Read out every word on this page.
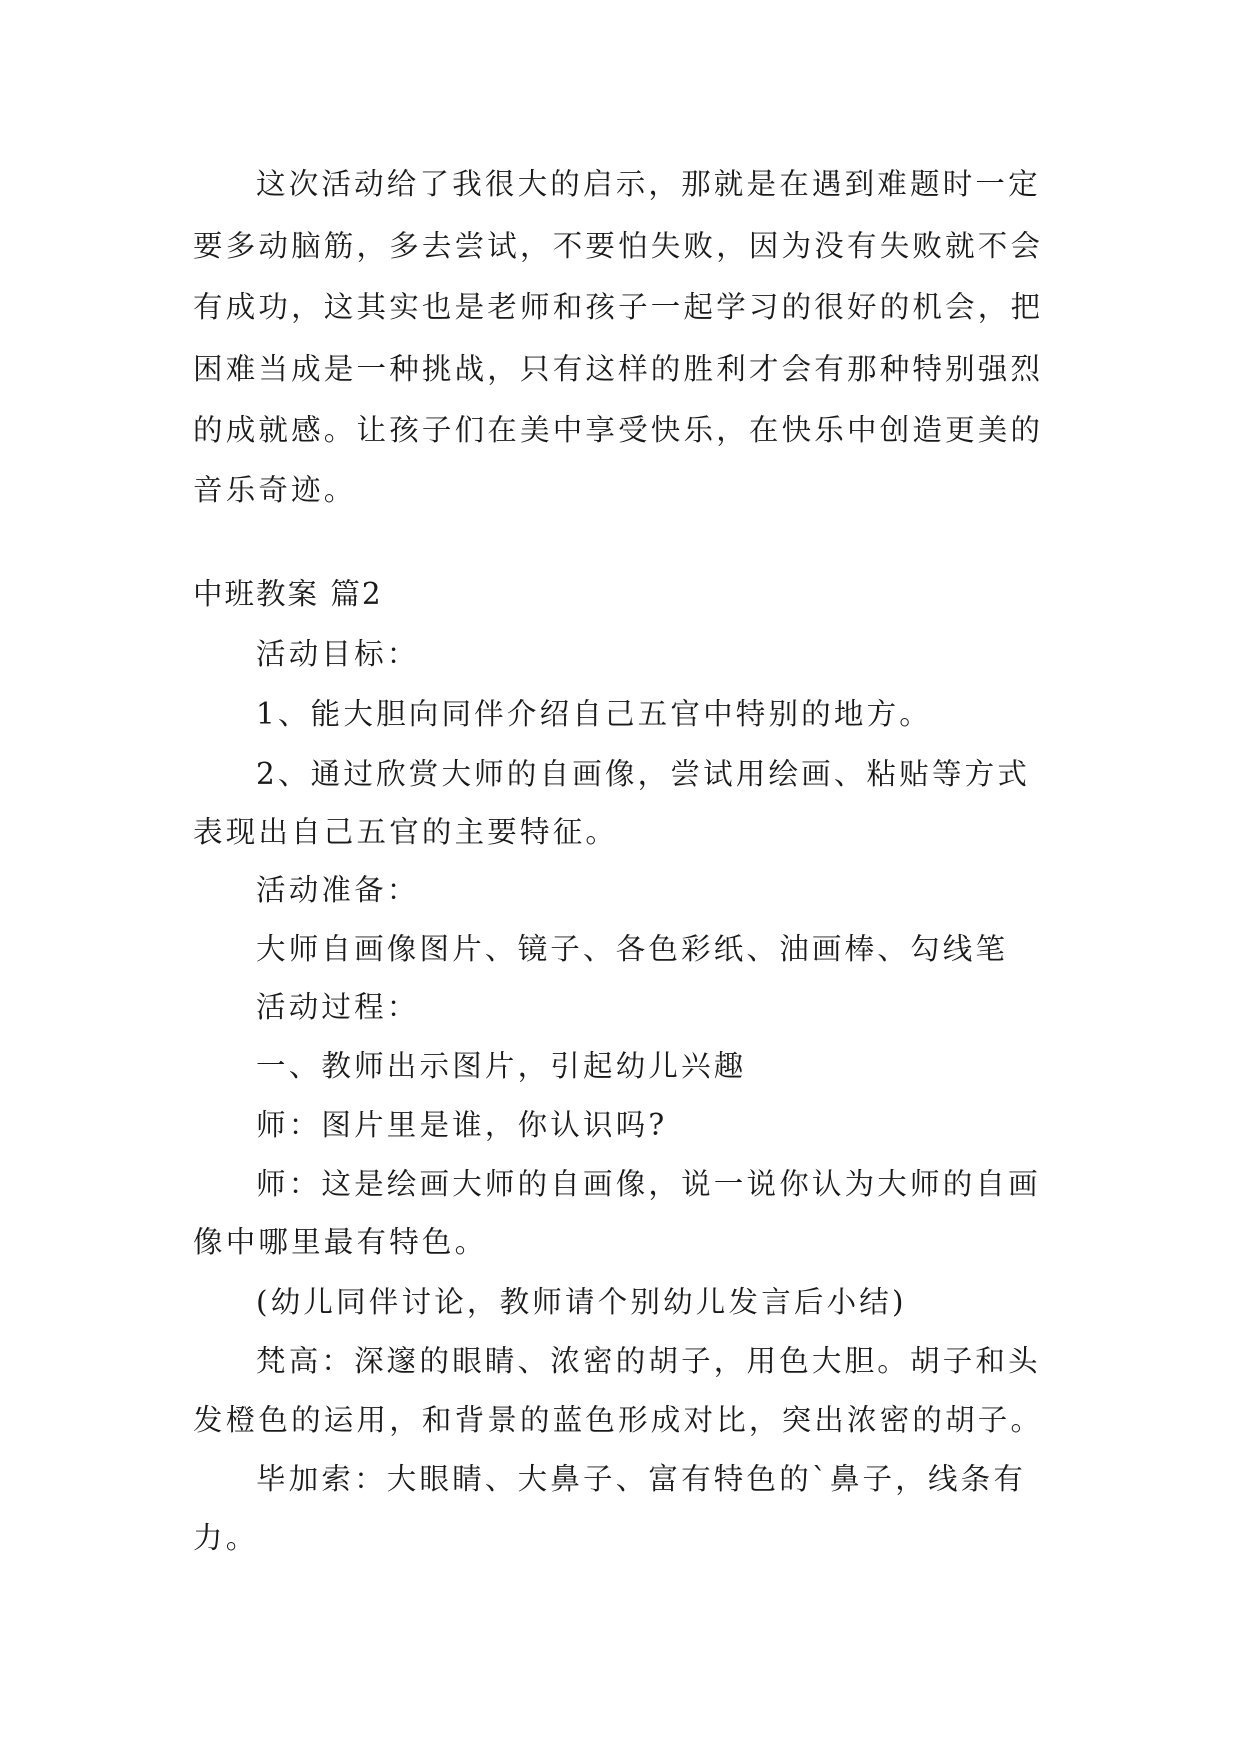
这次活动给了我很大的启示，那就是在遇到难题时一定
要多动脑筋，多去尝试，不要怕失败，因为没有失败就不会
有成功，这其实也是老师和孩子一起学习的很好的机会，把
困难当成是一种挑战，只有这样的胜利才会有那种特别强烈
的成就感。让孩子们在美中享受快乐，在快乐中创造更美的
音乐奇迹。
中班教案 篇2
活动目标：
1、能大胆向同伴介绍自己五官中特别的地方。
2、通过欣赏大师的自画像，尝试用绘画、粘贴等方式
表现出自己五官的主要特征。
活动准备：
大师自画像图片、镜子、各色彩纸、油画棒、勾线笔
活动过程：
一、教师出示图片，引起幼儿兴趣
师：图片里是谁，你认识吗?
师：这是绘画大师的自画像，说一说你认为大师的自画
像中哪里最有特色。
(幼儿同伴讨论，教师请个别幼儿发言后小结)
梵高：深邃的眼睛、浓密的胡子，用色大胆。胡子和头
发橙色的运用，和背景的蓝色形成对比，突出浓密的胡子。
毕加索：大眼睛、大鼻子、富有特色的`鼻子，线条有
力。
